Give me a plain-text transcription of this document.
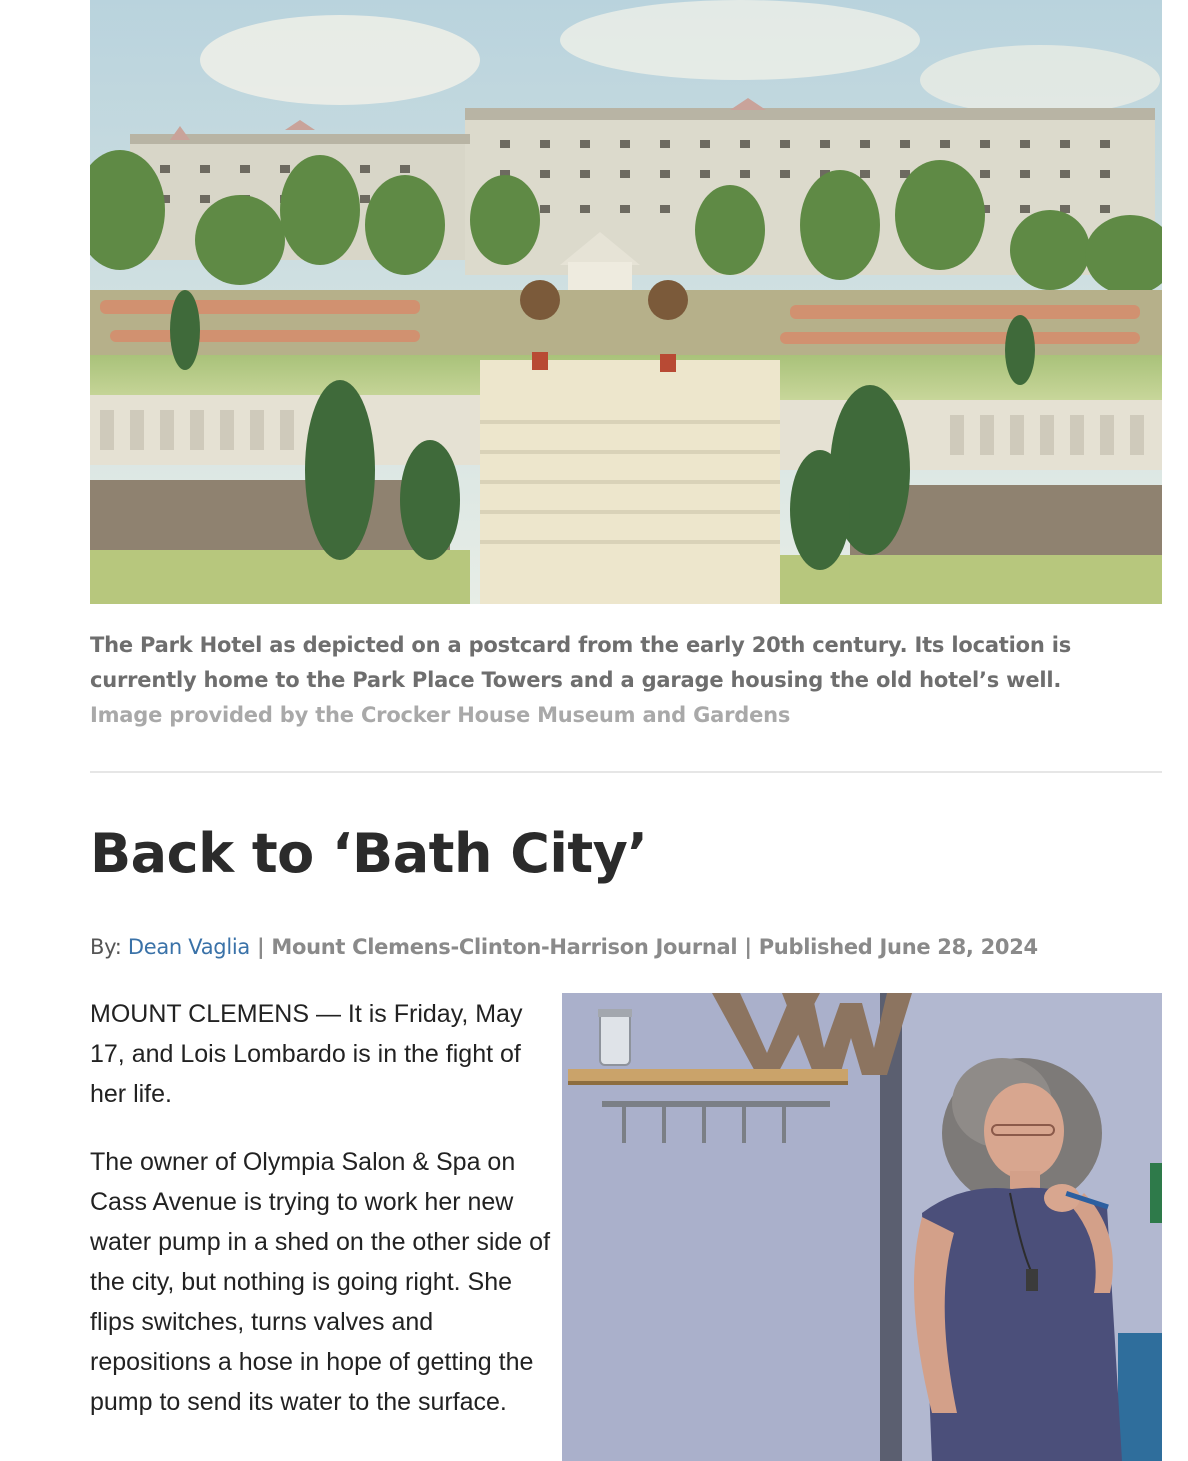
The Park Hotel as depicted on a postcard from the early 20th century. Its location is currently home to the Park Place Towers and a garage housing the old hotel’s well.
Image provided by the Crocker House Museum and Gardens
Back to ‘Bath City’
By: Dean Vaglia | Mount Clemens-Clinton-Harrison Journal | Published June 28, 2024

MOUNT CLEMENS — It is Friday, May 17, and Lois Lombardo is in the fight of her life.

The owner of Olympia Salon & Spa on Cass Avenue is trying to work her new water pump in a shed on the other side of the city, but nothing is going right. She flips switches, turns valves and repositions a hose in hope of getting the pump to send its water to the surface.
